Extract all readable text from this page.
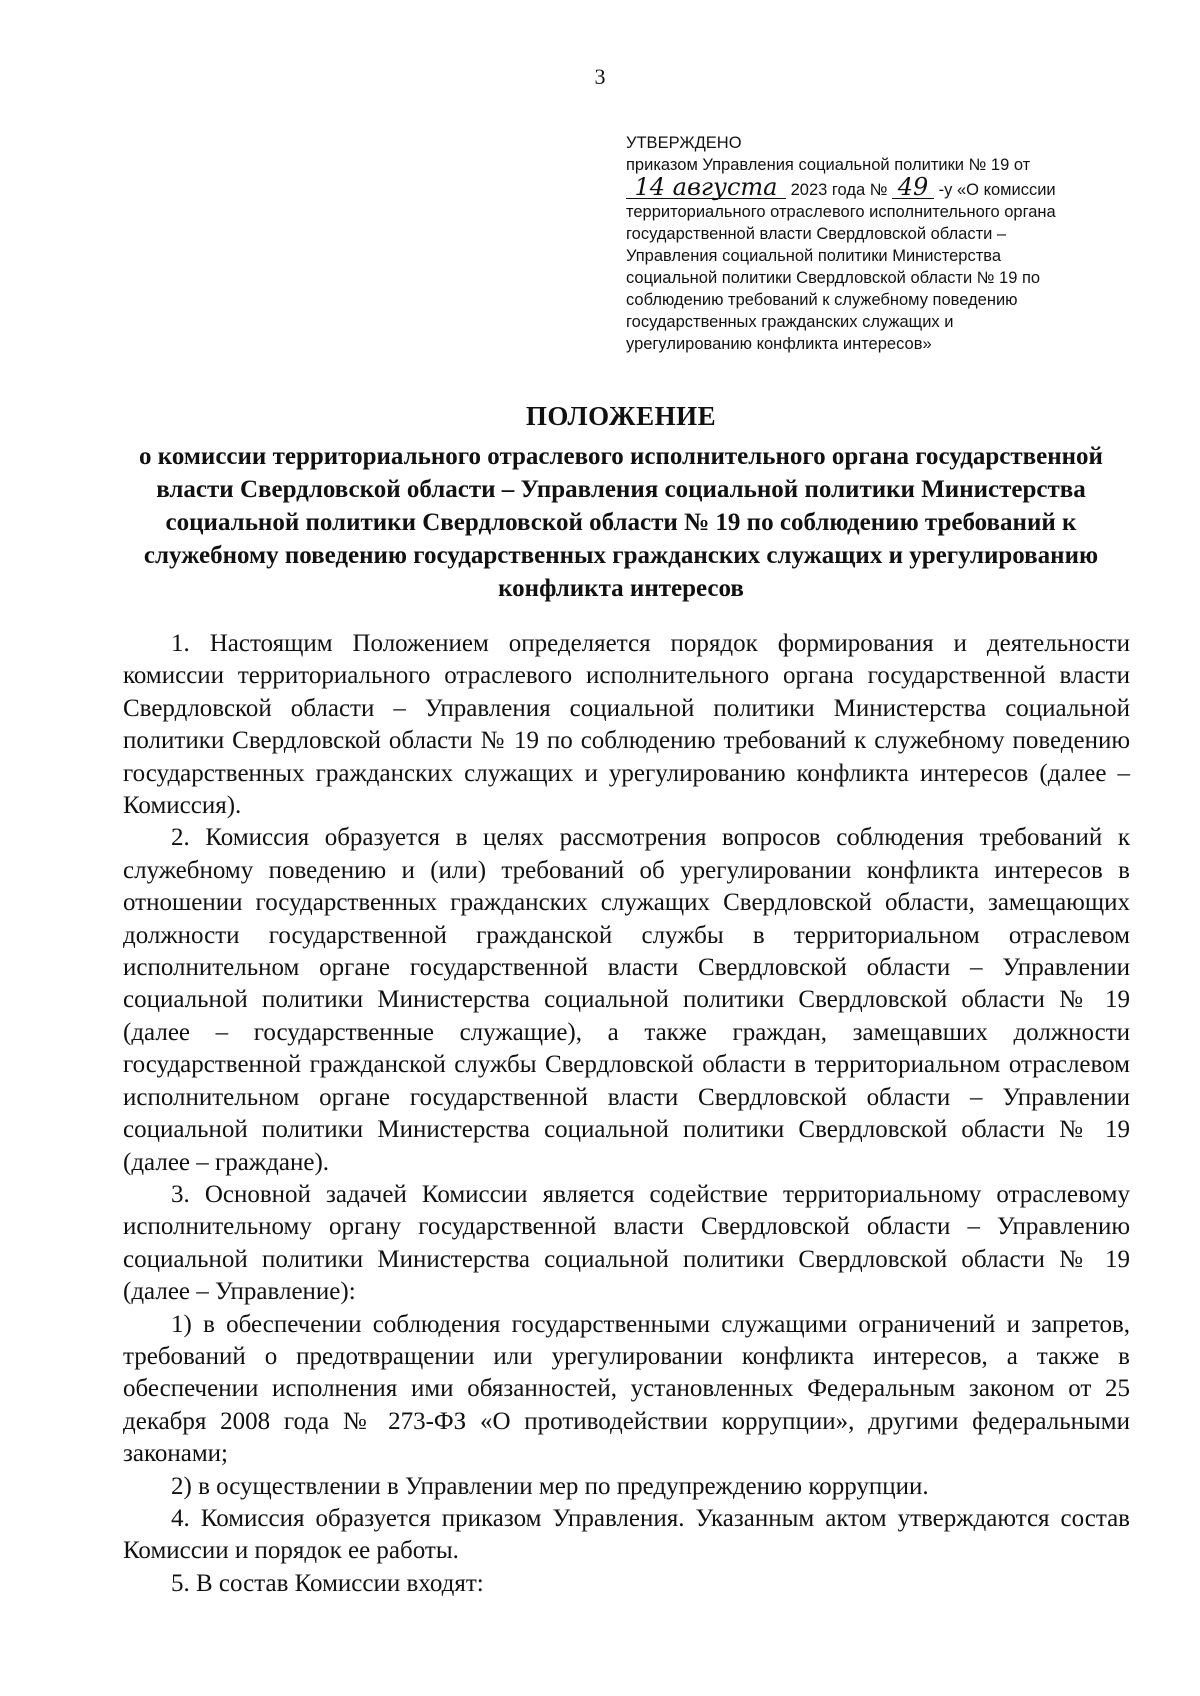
3
УТВЕРЖДЕНО
приказом Управления социальной политики № 19 от
14 августа 2023 года № 49 -у «О комиссии
территориального отраслевого исполнительного органа
государственной власти Свердловской области –
Управления социальной политики Министерства
социальной политики Свердловской области № 19 по
соблюдению требований к служебному поведению
государственных гражданских служащих и
урегулированию конфликта интересов»
ПОЛОЖЕНИЕ

о комиссии территориального отраслевого исполнительного органа государственной власти Свердловской области – Управления социальной политики Министерства социальной политики Свердловской области № 19 по соблюдению требований к служебному поведению государственных гражданских служащих и урегулированию конфликта интересов

1. Настоящим Положением определяется порядок формирования и деятельности комиссии территориального отраслевого исполнительного органа государственной власти Свердловской области – Управления социальной политики Министерства социальной политики Свердловской области № 19 по соблюдению требований к служебному поведению государственных гражданских служащих и урегулированию конфликта интересов (далее – Комиссия).

2. Комиссия образуется в целях рассмотрения вопросов соблюдения требований к служебному поведению и (или) требований об урегулировании конфликта интересов в отношении государственных гражданских служащих Свердловской области, замещающих должности государственной гражданской службы в территориальном отраслевом исполнительном органе государственной власти Свердловской области – Управлении социальной политики Министерства социальной политики Свердловской области № 19 (далее – государственные служащие), а также граждан, замещавших должности государственной гражданской службы Свердловской области в территориальном отраслевом исполнительном органе государственной власти Свердловской области – Управлении социальной политики Министерства социальной политики Свердловской области № 19 (далее – граждане).

3. Основной задачей Комиссии является содействие территориальному отраслевому исполнительному органу государственной власти Свердловской области – Управлению социальной политики Министерства социальной политики Свердловской области № 19 (далее – Управление):

1) в обеспечении соблюдения государственными служащими ограничений и запретов, требований о предотвращении или урегулировании конфликта интересов, а также в обеспечении исполнения ими обязанностей, установленных Федеральным законом от 25 декабря 2008 года № 273-ФЗ «О противодействии коррупции», другими федеральными законами;

2) в осуществлении в Управлении мер по предупреждению коррупции.

4. Комиссия образуется приказом Управления. Указанным актом утверждаются состав Комиссии и порядок ее работы.

5. В состав Комиссии входят:
